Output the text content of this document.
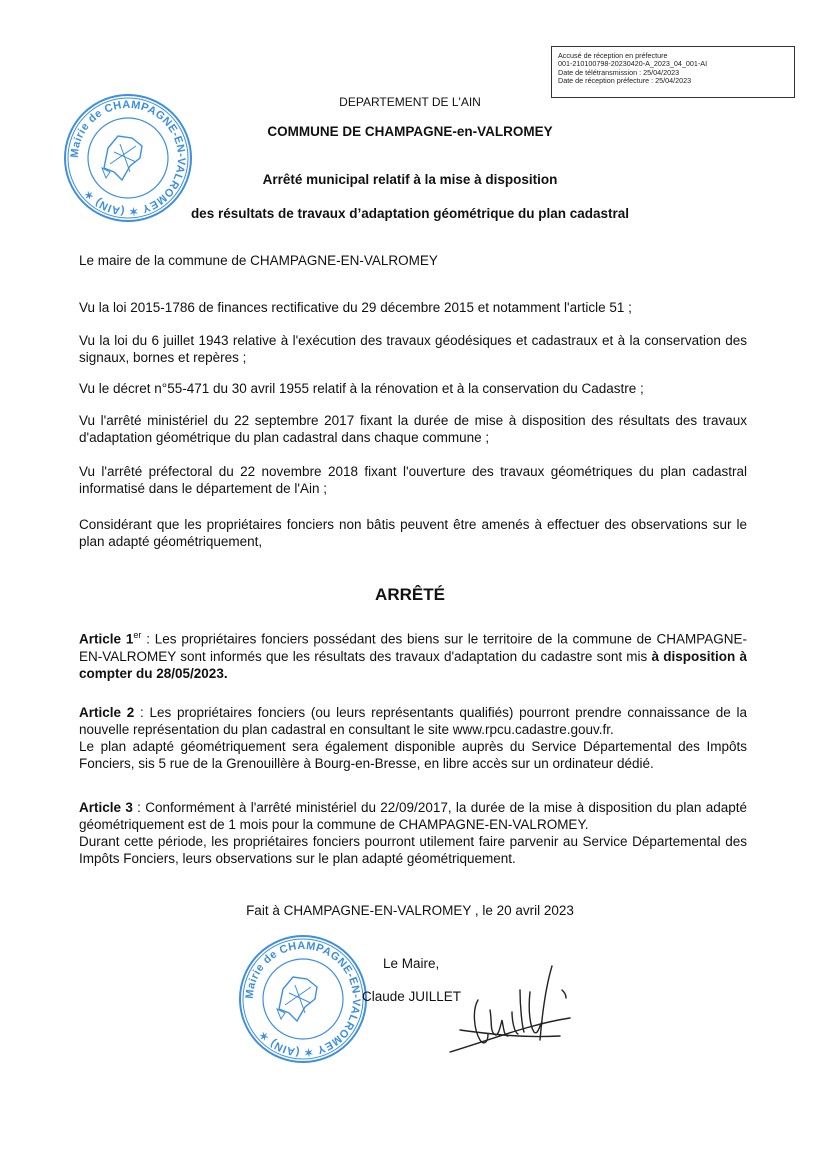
Accusé de réception en préfecture
001-210100798-20230420-A_2023_04_001-AI
Date de télétransmission : 25/04/2023
Date de réception préfecture : 25/04/2023
Mairie de CHAMPAGNE-EN-VALROMEY ✶ (AIN) ✶
DEPARTEMENT DE L'AIN
COMMUNE DE CHAMPAGNE-en-VALROMEY
Arrêté municipal relatif à la mise à disposition
des résultats de travaux d’adaptation géométrique du plan cadastral
Le maire de la commune de CHAMPAGNE-EN-VALROMEY
Vu la loi 2015-1786 de finances rectificative du 29 décembre 2015 et notamment l'article 51 ;
Vu la loi du 6 juillet 1943 relative à l'exécution des travaux géodésiques et cadastraux et à la conservation des signaux, bornes et repères ;
Vu le décret n°55-471 du 30 avril 1955 relatif à la rénovation et à la conservation du Cadastre ;
Vu l'arrêté ministériel du 22 septembre 2017 fixant la durée de mise à disposition des résultats des travaux d'adaptation géométrique du plan cadastral dans chaque commune ;
Vu l'arrêté préfectoral du 22 novembre 2018 fixant l'ouverture des travaux géométriques du plan cadastral informatisé dans le département de l'Ain ;
Considérant que les propriétaires fonciers non bâtis peuvent être amenés à effectuer des observations sur le plan adapté géométriquement,
ARRÊTÉ
Article 1er : Les propriétaires fonciers possédant des biens sur le territoire de la commune de CHAMPAGNE-EN-VALROMEY sont informés que les résultats des travaux d'adaptation du cadastre sont mis à disposition à compter du 28/05/2023.
Article 2 : Les propriétaires fonciers (ou leurs représentants qualifiés) pourront prendre connaissance de la nouvelle représentation du plan cadastral en consultant le site www.rpcu.cadastre.gouv.fr.
Le plan adapté géométriquement sera également disponible auprès du Service Départemental des Impôts Fonciers, sis 5 rue de la Grenouillère à Bourg-en-Bresse, en libre accès sur un ordinateur dédié.
Article 3 : Conformément à l'arrêté ministériel du 22/09/2017, la durée de la mise à disposition du plan adapté géométriquement est de 1 mois pour la commune de CHAMPAGNE-EN-VALROMEY.
Durant cette période, les propriétaires fonciers pourront utilement faire parvenir au Service Départemental des Impôts Fonciers, leurs observations sur le plan adapté géométriquement.
Fait à CHAMPAGNE-EN-VALROMEY , le 20 avril 2023
Mairie de CHAMPAGNE-EN-VALROMEY ✶ (AIN) ✶
Le Maire,
Claude JUILLET
